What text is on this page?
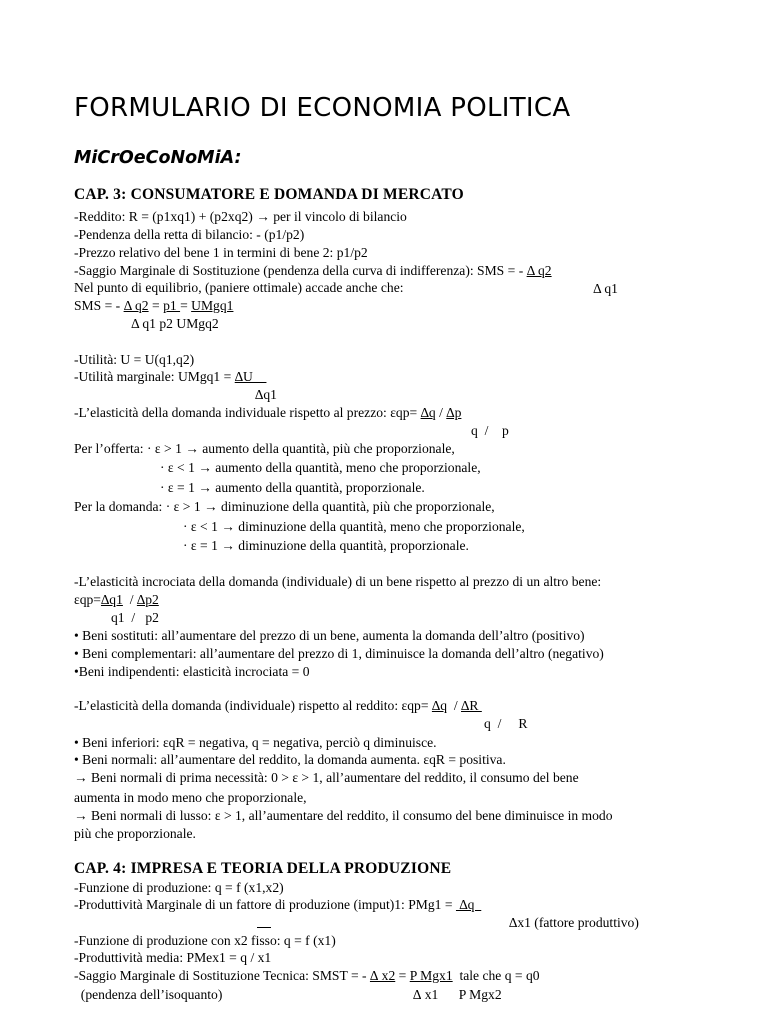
FORMULARIO DI ECONOMIA POLITICA
MiCrOeCoNoMiA:
CAP. 3: CONSUMATORE E DOMANDA DI MERCATO
-Reddito: R = (p1xq1) + (p2xq2) → per il vincolo di bilancio
-Pendenza della retta di bilancio: - (p1/p2)
-Prezzo relativo del bene 1 in termini di bene 2: p1/p2
-Saggio Marginale di Sostituzione (pendenza della curva di indifferenza): SMS = - Δ q2
Nel punto di equilibrio, (paniere ottimale) accade anche che:	Δ q1
SMS = - Δ q2 = p1 = UMgq1
Δ q1 p2 UMgq2
-Utilità: U = U(q1,q2)
-Utilità marginale: UMgq1 = ∆U
∆q1
-L’elasticità della domanda individuale rispetto al prezzo: εqp= ∆q / ∆p
q  /    p
Per l’offerta: · ε > 1 → aumento della quantità, più che proporzionale,
· ε < 1 → aumento della quantità, meno che proporzionale,
· ε = 1 → aumento della quantità, proporzionale.
Per la domanda: · ε > 1 → diminuzione della quantità, più che proporzionale,
· ε < 1 → diminuzione della quantità, meno che proporzionale,
· ε = 1 → diminuzione della quantità, proporzionale.
-L’elasticità incrociata della domanda (individuale) di un bene rispetto al prezzo di un altro bene:
εqp=∆q1  / ∆p2
q1  /   p2
• Beni sostituti: all’aumentare del prezzo di un bene, aumenta la domanda dell’altro (positivo)
• Beni complementari: all’aumentare del prezzo di 1, diminuisce la domanda dell’altro (negativo)
•Beni indipendenti: elasticità incrociata = 0
-L’elasticità della domanda (individuale) rispetto al reddito: εqp= ∆q  / ∆R
q  /     R
• Beni inferiori: εqR = negativa, q = negativa, perciò q diminuisce.
• Beni normali: all’aumentare del reddito, la domanda aumenta. εqR = positiva.
→ Beni normali di prima necessità: 0 > ε > 1, all’aumentare del reddito, il consumo del bene
aumenta in modo meno che proporzionale,
→ Beni normali di lusso: ε > 1, all’aumentare del reddito, il consumo del bene diminuisce in modo
più che proporzionale.
CAP. 4: IMPRESA E TEORIA DELLA PRODUZIONE
-Funzione di produzione: q = f (x1,x2)
-Produttività Marginale di un fattore di produzione (imput)1: PMg1 =  ∆q
∆x1 (fattore produttivo)
-Funzione di produzione con x2 fisso: q = f (x1)
-Produttività media: PMex1 = q / x1
-Saggio Marginale di Sostituzione Tecnica: SMST = - ∆ x2 = P Mgx1  tale che q = q0
(pendenza dell’isoquanto)	∆ x1      P Mgx2
